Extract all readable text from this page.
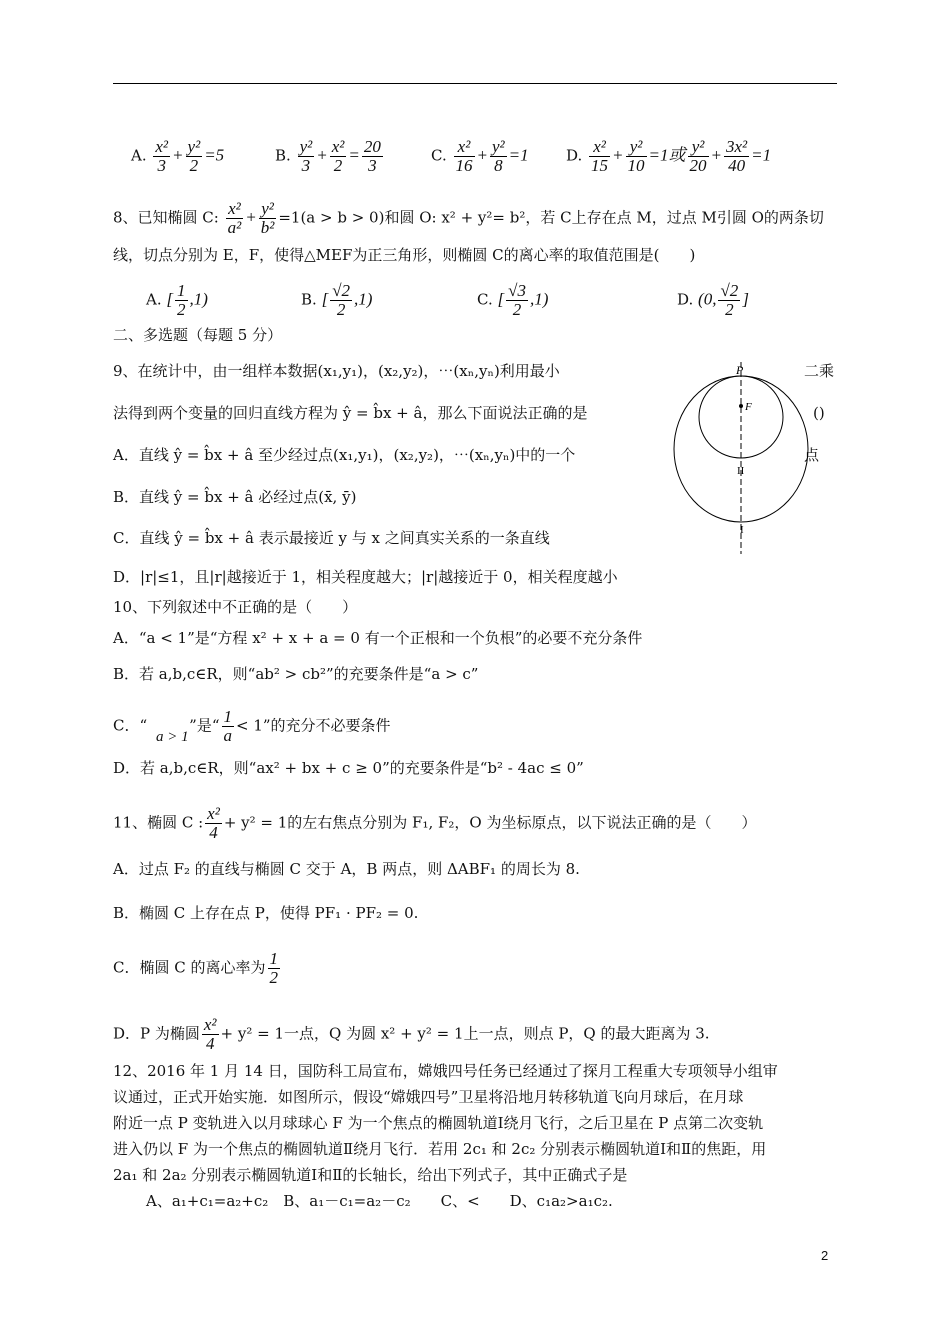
A. $\frac{\text{x²}}{3} + \frac{\text{y²}}{2} =5$	B. $\frac{\text{y²}}{3} + \frac{\text{x²}}{2} = \frac{20}{3}$	C. $\frac{\text{x²}}{16} + \frac{\text{y²}}{8} =1$ D. $\frac{\text{x²}}{15} + \frac{\text{y²}}{10} =1$或 $\frac{\text{y²}}{20} + \frac{\text{3x²}}{40} =1$
8、已知椭圆 C: $\frac{\text{x²}}{\text{a²}} + \frac{\text{y²}}{\text{b²}} =1(a > b > 0)$和圆 O: x² + y²= b²，若 C上存在点 M，过点 M引圆 O的两条切
线，切点分别为 E，F，使得△MEF为正三角形，则椭圆 C的离心率的取值范围是(　　)
A. [ $\frac{1}{2} ,1$)	B. [ $\frac{√2}{2} ,1$)	C. [ $\frac{√3}{2} ,1$)	D. (0, $\frac{√2}{2}$ ]
二、多选题（每题 5 分）
9、在统计中，由一组样本数据(x₁,y₁)，(x₂,y₂)，⋯(xₙ,yₙ)利用最小	二乘
法得到两个变量的回归直线方程为 ŷ = b̂x + â，那么下面说法正确的是	()
A．直线 ŷ = b̂x + â 至少经过点(x₁,y₁)，(x₂,y₂)，⋯(xₙ,yₙ)中的一个	点
B．直线 ŷ = b̂x + â 必经过点(x̄, ȳ)
C．直线 ŷ = b̂x + â 表示最接近 y 与 x 之间真实关系的一条直线
D．|r|≤1，且|r|越接近于 1，相关程度越大；|r|越接近于 0，相关程度越小
P
F
II
I
10、下列叙述中不正确的是（　　）
A．“a < 1”是“方程 x² + x + a = 0 有一个正根和一个负根”的必要不充分条件
B．若 a,b,c∈R，则“ab² > cb²”的充要条件是“a > c”
C．“	”是“ $\frac{1}{a} < 1$”的充分不必要条件
a > 1
D．若 a,b,c∈R，则“ax² + bx + c ≥ 0”的充要条件是“b² - 4ac ≤ 0”
11、椭圆 C : $\frac{\text{x²}}{4} + y^2 = 1$的左右焦点分别为 F₁, F₂，O 为坐标原点，以下说法正确的是（　　）
A．过点 F₂ 的直线与椭圆 C 交于 A，B 两点，则 ΔABF₁ 的周长为 8.
B．椭圆 C 上存在点 P，使得 PF₁ · PF₂ = 0.
C．椭圆 C 的离心率为 $\frac{1}{2}$
D．P 为椭圆 $\frac{\text{x²}}{4} + y^2 = 1$一点，Q 为圆 x² + y² = 1上一点，则点 P，Q 的最大距离为 3.
12、2016 年 1 月 14 日，国防科工局宣布，嫦娥四号任务已经通过了探月工程重大专项领导小组审
议通过，正式开始实施．如图所示，假设“嫦娥四号”卫星将沿地月转移轨道飞向月球后，在月球
附近一点 P 变轨进入以月球球心 F 为一个焦点的椭圆轨道Ⅰ绕月飞行，之后卫星在 P 点第二次变轨
进入仍以 F 为一个焦点的椭圆轨道Ⅱ绕月飞行．若用 2c₁ 和 2c₂ 分别表示椭圆轨道Ⅰ和Ⅱ的焦距，用
2a₁ 和 2a₂ 分别表示椭圆轨道Ⅰ和Ⅱ的长轴长，给出下列式子，其中正确式子是
A、a₁+c₁=a₂+c₂　B、a₁－c₁=a₂－c₂　　C、<　　D、c₁a₂>a₁c₂.
2
